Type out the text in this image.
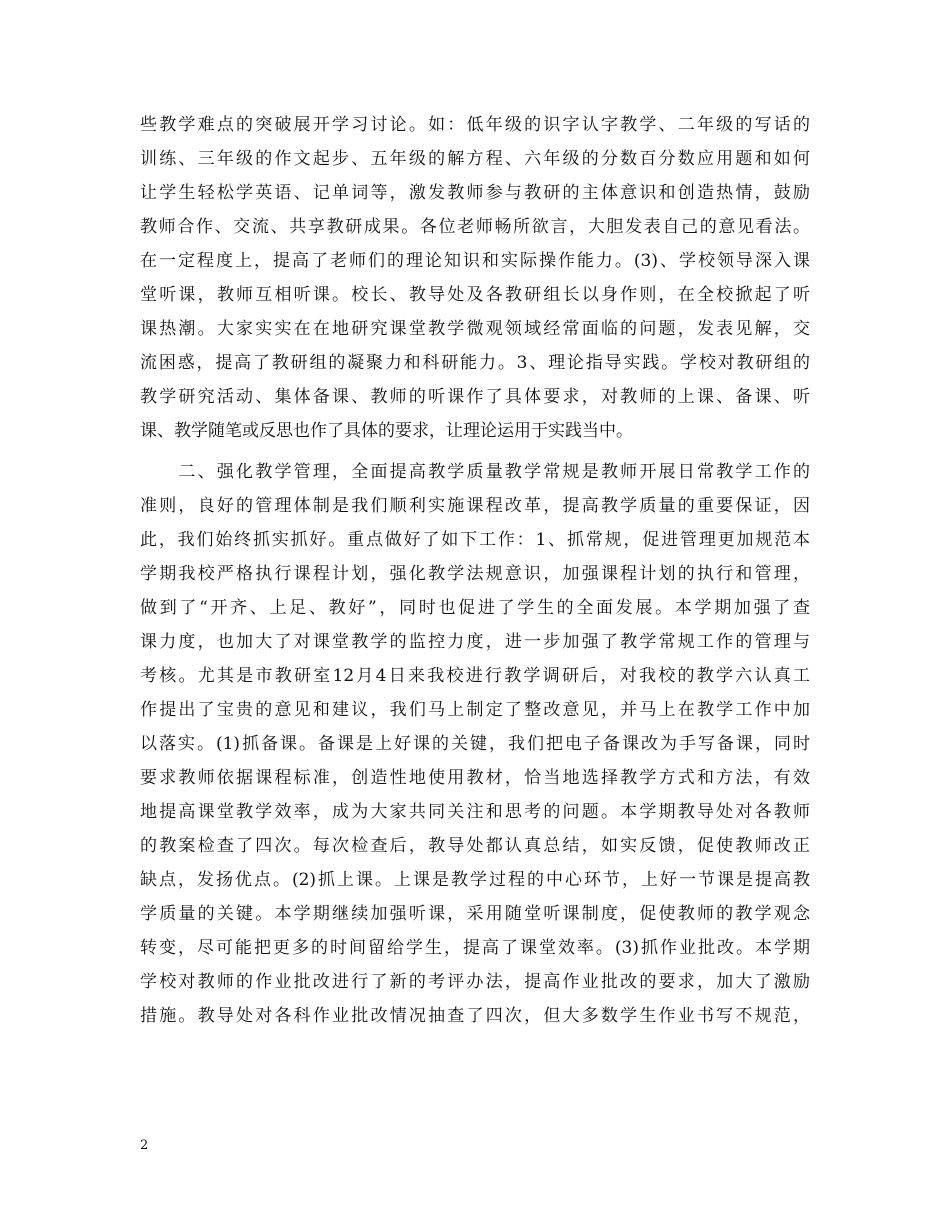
些教学难点的突破展开学习讨论。如：低年级的识字认字教学、二年级的写话的
训练、三年级的作文起步、五年级的解方程、六年级的分数百分数应用题和如何
让学生轻松学英语、记单词等，激发教师参与教研的主体意识和创造热情，鼓励
教师合作、交流、共享教研成果。各位老师畅所欲言，大胆发表自己的意见看法。
在一定程度上，提高了老师们的理论知识和实际操作能力。(3)、学校领导深入课
堂听课，教师互相听课。校长、教导处及各教研组长以身作则，在全校掀起了听
课热潮。大家实实在在地研究课堂教学微观领域经常面临的问题，发表见解，交
流困惑，提高了教研组的凝聚力和科研能力。3、理论指导实践。学校对教研组的
教学研究活动、集体备课、教师的听课作了具体要求，对教师的上课、备课、听
课、教学随笔或反思也作了具体的要求，让理论运用于实践当中。
　　二、强化教学管理，全面提高教学质量教学常规是教师开展日常教学工作的
准则，良好的管理体制是我们顺利实施课程改革，提高教学质量的重要保证，因
此，我们始终抓实抓好。重点做好了如下工作：1、抓常规，促进管理更加规范本
学期我校严格执行课程计划，强化教学法规意识，加强课程计划的执行和管理，
做到了“开齐、上足、教好”，同时也促进了学生的全面发展。本学期加强了查
课力度，也加大了对课堂教学的监控力度，进一步加强了教学常规工作的管理与
考核。尤其是市教研室12月4日来我校进行教学调研后，对我校的教学六认真工
作提出了宝贵的意见和建议，我们马上制定了整改意见，并马上在教学工作中加
以落实。(1)抓备课。备课是上好课的关键，我们把电子备课改为手写备课，同时
要求教师依据课程标准，创造性地使用教材，恰当地选择教学方式和方法，有效
地提高课堂教学效率，成为大家共同关注和思考的问题。本学期教导处对各教师
的教案检查了四次。每次检查后，教导处都认真总结，如实反馈，促使教师改正
缺点，发扬优点。(2)抓上课。上课是教学过程的中心环节，上好一节课是提高教
学质量的关键。本学期继续加强听课，采用随堂听课制度，促使教师的教学观念
转变，尽可能把更多的时间留给学生，提高了课堂效率。(3)抓作业批改。本学期
学校对教师的作业批改进行了新的考评办法，提高作业批改的要求，加大了激励
措施。教导处对各科作业批改情况抽查了四次，但大多数学生作业书写不规范，
2
